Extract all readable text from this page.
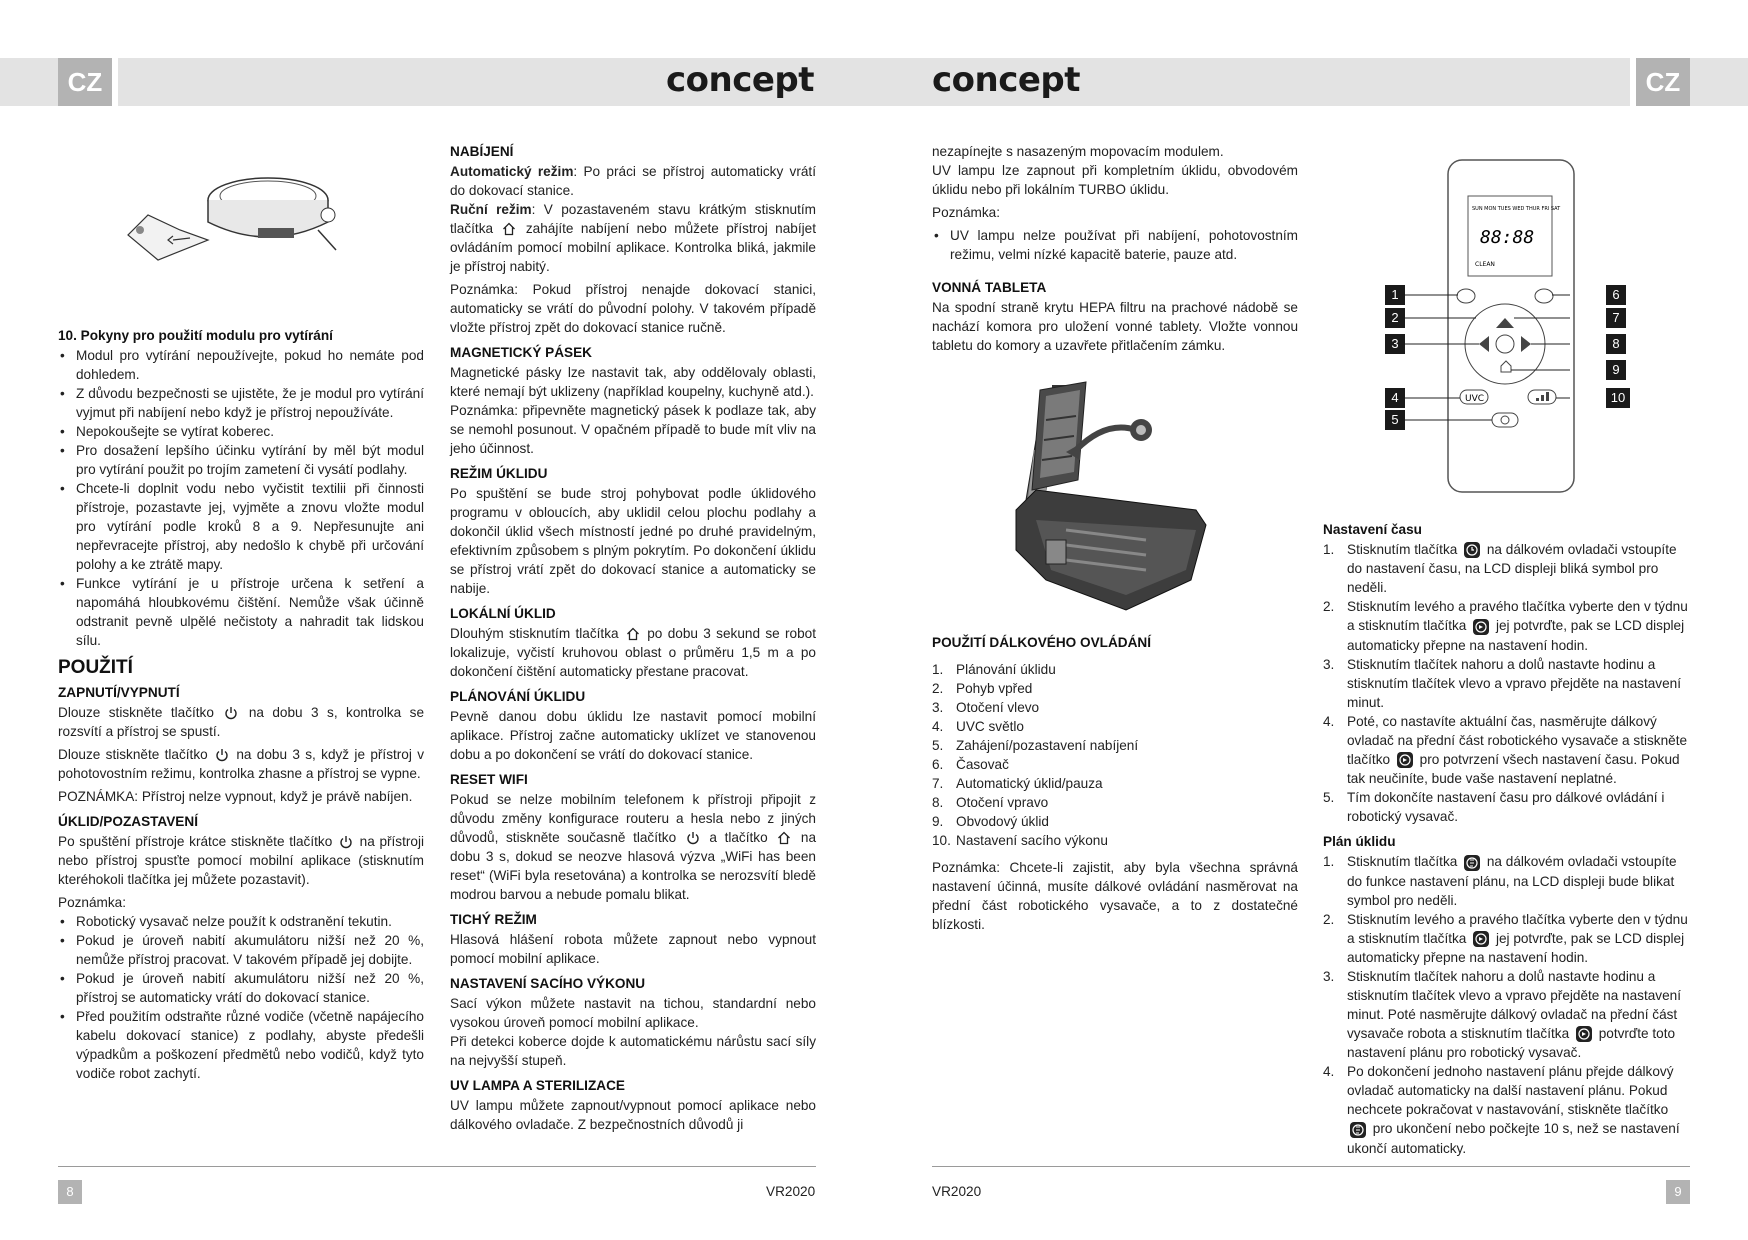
CZ	CZ
concept	concept
10. Pokyny pro použití modulu pro vytírání
• Modul pro vytírání nepoužívejte, pokud ho nemáte pod dohledem.
• Z důvodu bezpečnosti se ujistěte, že je modul pro vytírání vyjmut při nabíjení nebo když je přístroj nepoužíváte.
• Nepokoušejte se vytírat koberec.
• Pro dosažení lepšího účinku vytírání by měl být modul pro vytírání použit po trojím zametení či vysátí podlahy.
• Chcete-li doplnit vodu nebo vyčistit textilii při činnosti přístroje, pozastavte jej, vyjměte a znovu vložte modul pro vytírání podle kroků 8 a 9. Nepřesunujte ani nepřevracejte přístroj, aby nedošlo k chybě při určování polohy a ke ztrátě mapy.
• Funkce vytírání je u přístroje určena k setření a napomáhá hloubkovému čištění. Nemůže však účinně odstranit pevně ulpělé nečistoty a nahradit tak lidskou sílu.
POUŽITÍ
ZAPNUTÍ/VYPNUTÍ

Dlouze stiskněte tlačítko	na dobu 3 s, kontrolka se rozsvítí a přístroj se spustí.

Dlouze stiskněte tlačítko na dobu 3 s, když je přístroj v pohotovostním režimu, kontrolka zhasne a přístroj se vypne.

POZNÁMKA: Přístroj nelze vypnout, když je právě nabíjen.

ÚKLID/POZASTAVENÍ

Po spuštění přístroje krátce stiskněte tlačítko na přístroji nebo přístroj spusťte pomocí mobilní aplikace (stisknutím kteréhokoli tlačítka jej můžete pozastavit).

Poznámka:

• Robotický vysavač nelze použít k odstranění tekutin.
• Pokud je úroveň nabití akumulátoru nižší než 20 %, nemůže přístroj pracovat. V takovém případě jej dobijte.
• Pokud je úroveň nabití akumulátoru nižší než 20 %, přístroj se automaticky vrátí do dokovací stanice.
• Před použitím odstraňte různé vodiče (včetně napájecího kabelu dokovací stanice) z podlahy, abyste předešli výpadkům a poškození předmětů nebo vodičů, když tyto vodiče robot zachytí.
NABÍJENÍ

Automatický režim: Po práci se přístroj automaticky vrátí do dokovací stanice.

Ruční režim: V pozastaveném stavu krátkým stisknutím tlačítka zahájíte nabíjení nebo můžete přístroj nabíjet ovládáním pomocí mobilní aplikace. Kontrolka bliká, jakmile je přístroj nabitý.

Poznámka: Pokud přístroj nenajde dokovací stanici, automaticky se vrátí do původní polohy. V takovém případě vložte přístroj zpět do dokovací stanice ručně.

MAGNETICKÝ PÁSEK

Magnetické pásky lze nastavit tak, aby oddělovaly oblasti, které nemají být uklizeny (například koupelny, kuchyně atd.).

Poznámka: připevněte magnetický pásek k podlaze tak, aby se nemohl posunout. V opačném případě to bude mít vliv na jeho účinnost.

REŽIM ÚKLIDU

Po spuštění se bude stroj pohybovat podle úklidového programu v obloucích, aby uklidil celou plochu podlahy a dokončil úklid všech místností jedné po druhé pravidelným, efektivním způsobem s plným pokrytím. Po dokončení úklidu se přístroj vrátí zpět do dokovací stanice a automaticky se nabije.

LOKÁLNÍ ÚKLID

Dlouhým stisknutím tlačítka po dobu 3 sekund se robot lokalizuje, vyčistí kruhovou oblast o průměru 1,5 m a po dokončení čištění automaticky přestane pracovat.

PLÁNOVÁNÍ ÚKLIDU

Pevně danou dobu úklidu lze nastavit pomocí mobilní aplikace. Přístroj začne automaticky uklízet ve stanovenou dobu a po dokončení se vrátí do dokovací stanice.

RESET WIFI

Pokud se nelze mobilním telefonem k přístroji připojit z důvodu změny konfigurace routeru a hesla nebo z jiných důvodů, stiskněte současně tlačítko a tlačítko na dobu 3 s, dokud se neozve hlasová výzva „WiFi has been reset“ (WiFi byla resetována) a kontrolka se nerozsvítí bledě modrou barvou a nebude pomalu blikat.

TICHÝ REŽIM

Hlasová hlášení robota můžete zapnout nebo vypnout pomocí mobilní aplikace.

NASTAVENÍ SACÍHO VÝKONU

Sací výkon můžete nastavit na tichou, standardní nebo vysokou úroveň pomocí mobilní aplikace.

Při detekci koberce dojde k automatickému nárůstu sací síly na nejvyšší stupeň.

UV LAMPA A STERILIZACE

UV lampu můžete zapnout/vypnout pomocí aplikace nebo dálkového ovladače. Z bezpečnostních důvodů ji

nezapínejte s nasazeným mopovacím modulem.

UV lampu lze zapnout při kompletním úklidu, obvodovém úklidu nebo při lokálním TURBO úklidu.

Poznámka:

• UV lampu nelze používat při nabíjení, pohotovostním režimu, velmi nízké kapacitě baterie, pauze atd.
VONNÁ TABLETA

Na spodní straně krytu HEPA filtru na prachové nádobě se nachází komora pro uložení vonné tablety. Vložte vonnou tabletu do komory a uzavřete přitlačením zámku.

POUŽITÍ DÁLKOVÉHO OVLÁDÁNÍ
1. Plánování úklidu
2. Pohyb vpřed
3. Otočení vlevo
4. UVC světlo
5. Zahájení/pozastavení nabíjení
6. Časovač
7. Automatický úklid/pauza
8. Otočení vpravo
9. Obvodový úklid
10. Nastavení sacího výkonu

Poznámka: Chcete-li zajistit, aby byla všechna správná nastavení účinná, musíte dálkové ovládání nasměrovat na přední část robotického vysavače, a to z dostatečné blízkosti.

SUN MON TUES WED THUR FRI SAT
88:88
CLEAN
UVC
1
2
3
4
5
6
7
8
9
10
Nastavení času
1. Stisknutím tlačítka na dálkovém ovladači vstoupíte do nastavení času, na LCD displeji bliká symbol pro neděli.
2. Stisknutím levého a pravého tlačítka vyberte den v týdnu a stisknutím tlačítka jej potvrďte, pak se LCD displej automaticky přepne na nastavení hodin.
3. Stisknutím tlačítek nahoru a dolů nastavte hodinu a stisknutím tlačítek vlevo a vpravo přejděte na nastavení minut.
4. Poté, co nastavíte aktuální čas, nasměrujte dálkový ovladač na přední část robotického vysavače a stiskněte tlačítko pro potvrzení všech nastavení času. Pokud tak neučiníte, bude vaše nastavení neplatné.
5. Tím dokončíte nastavení času pro dálkové ovládání i robotický vysavač.
Plán úklidu
1. Stisknutím tlačítka na dálkovém ovladači vstoupíte do funkce nastavení plánu, na LCD displeji bude blikat symbol pro neděli.
2. Stisknutím levého a pravého tlačítka vyberte den v týdnu a stisknutím tlačítka jej potvrďte, pak se LCD displej automaticky přepne na nastavení hodin.
3. Stisknutím tlačítek nahoru a dolů nastavte hodinu a stisknutím tlačítek vlevo a vpravo přejděte na nastavení minut. Poté nasměrujte dálkový ovladač na přední část vysavače robota a stisknutím tlačítka potvrďte toto nastavení plánu pro robotický vysavač.
4. Po dokončení jednoho nastavení plánu přejde dálkový ovladač automaticky na další nastavení plánu. Pokud nechcete pokračovat v nastavování, stiskněte tlačítko  pro ukončení nebo počkejte 10 s, než se nastavení ukončí automaticky.
8	9
VR2020	VR2020
